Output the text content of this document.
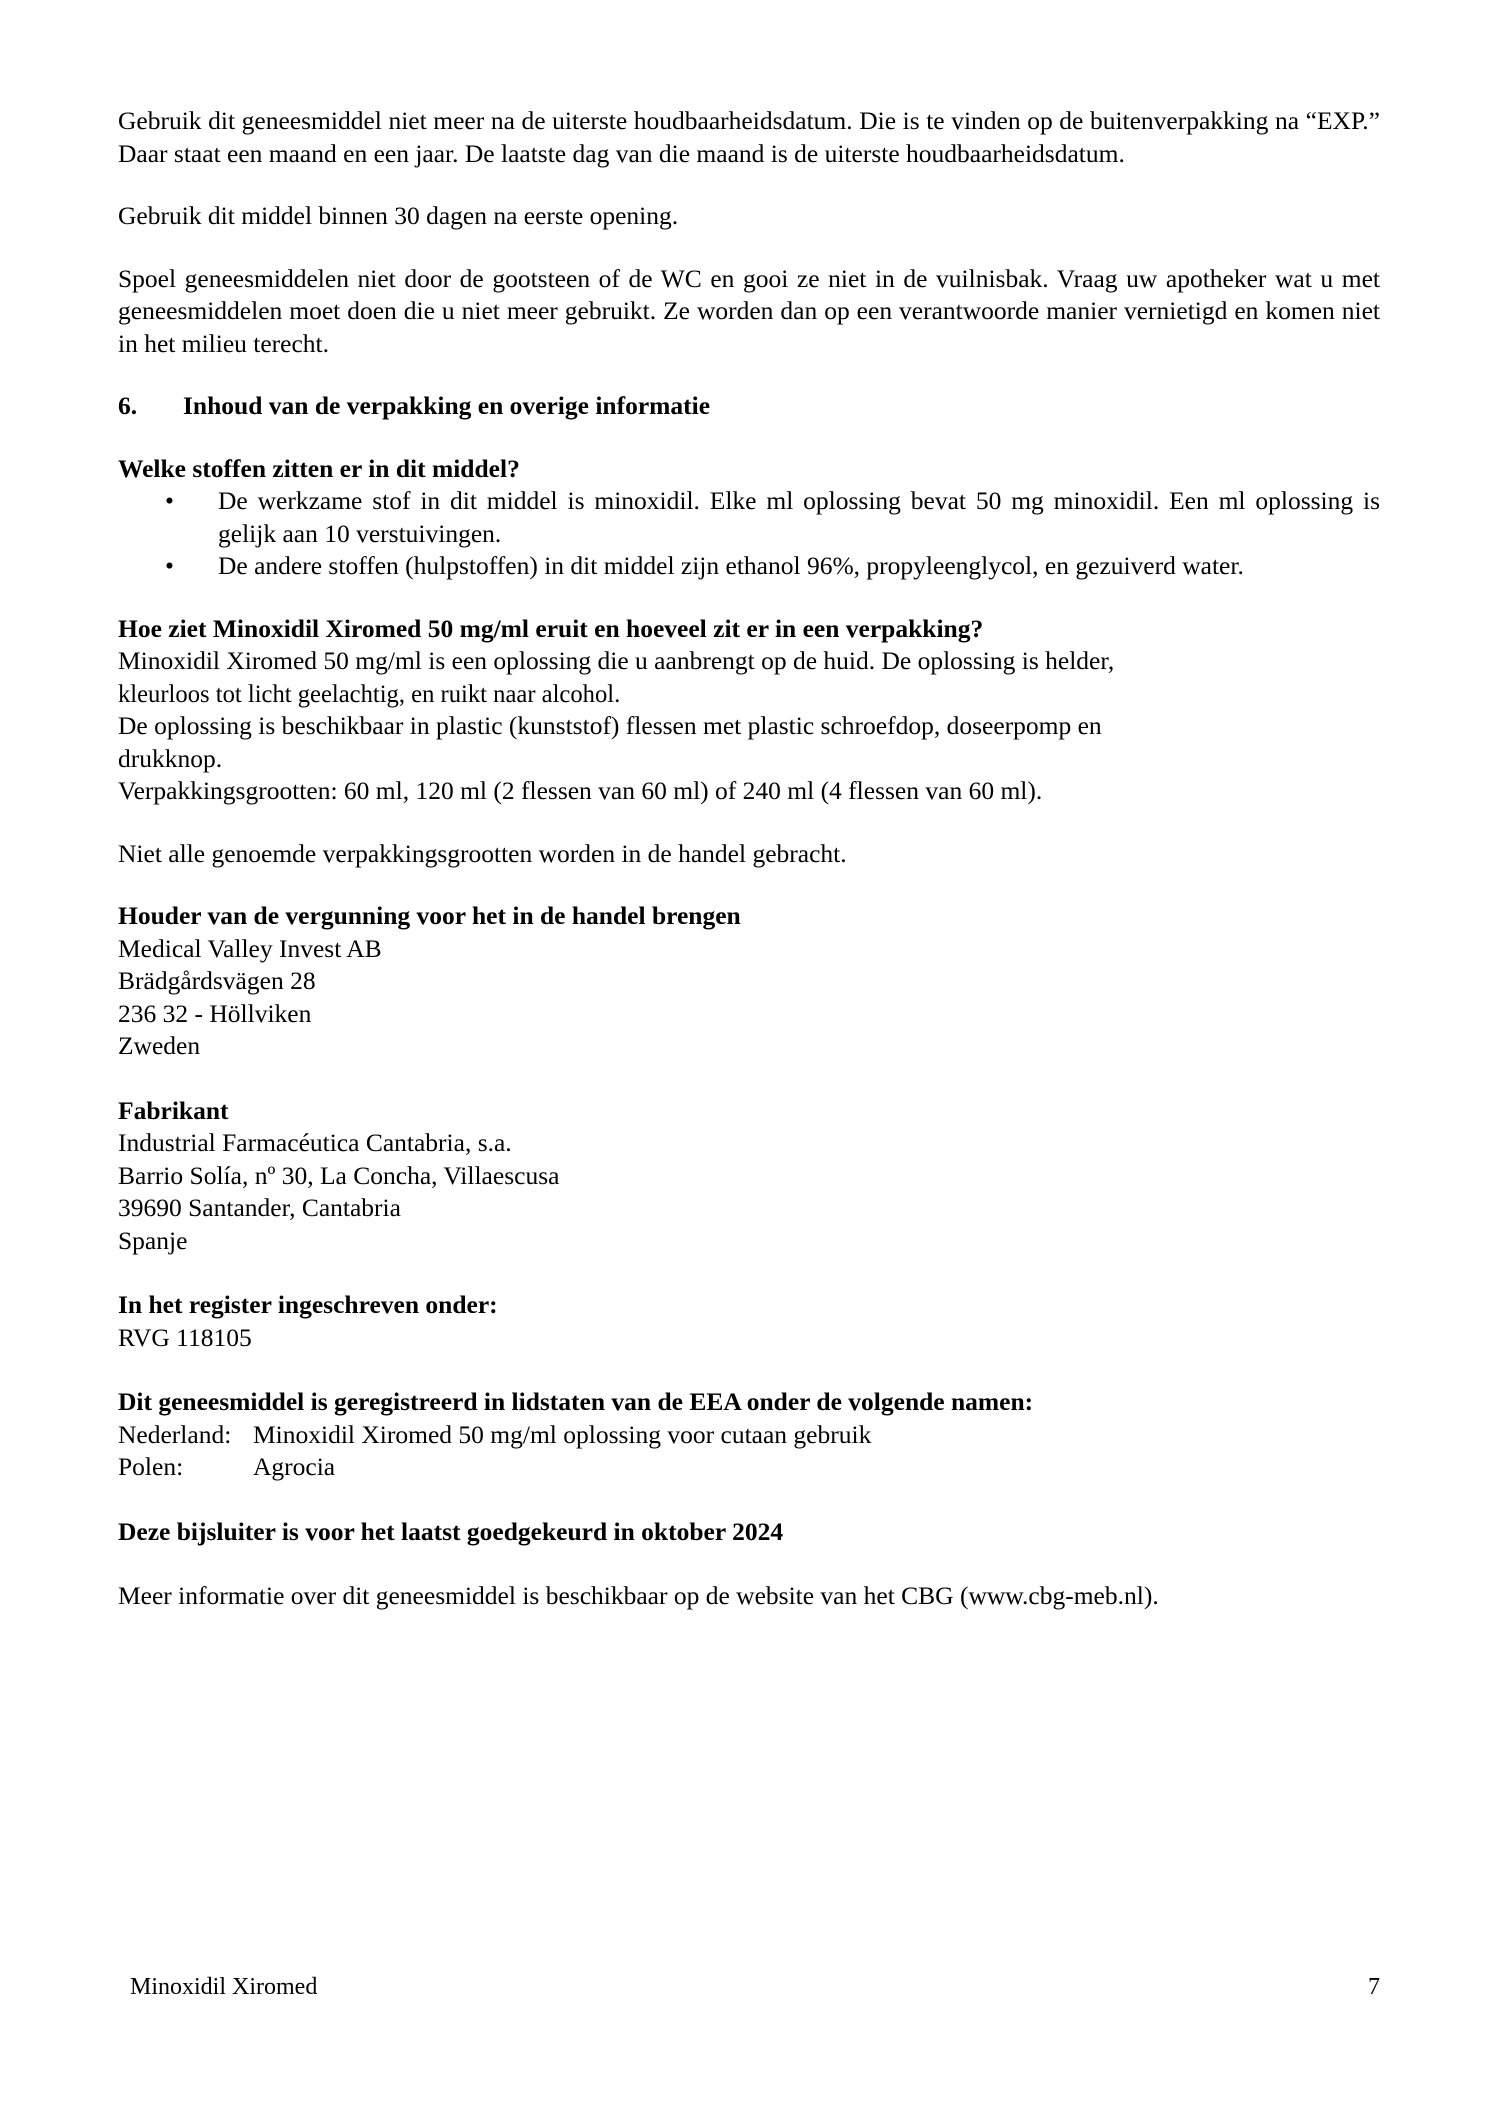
Gebruik dit geneesmiddel niet meer na de uiterste houdbaarheidsdatum. Die is te vinden op de buitenverpakking na “EXP.” Daar staat een maand en een jaar. De laatste dag van die maand is de uiterste houdbaarheidsdatum.

Gebruik dit middel binnen 30 dagen na eerste opening.

Spoel geneesmiddelen niet door de gootsteen of de WC en gooi ze niet in de vuilnisbak. Vraag uw apotheker wat u met geneesmiddelen moet doen die u niet meer gebruikt. Ze worden dan op een verantwoorde manier vernietigd en komen niet in het milieu terecht.

6.	Inhoud van de verpakking en overige informatie
Welke stoffen zitten er in dit middel?
• De werkzame stof in dit middel is minoxidil. Elke ml oplossing bevat 50 mg minoxidil. Een ml oplossing is gelijk aan 10 verstuivingen.
• De andere stoffen (hulpstoffen) in dit middel zijn ethanol 96%, propyleenglycol, en gezuiverd water.
Hoe ziet Minoxidil Xiromed 50 mg/ml eruit en hoeveel zit er in een verpakking?
Minoxidil Xiromed 50 mg/ml is een oplossing die u aanbrengt op de huid. De oplossing is helder,
kleurloos tot licht geelachtig, en ruikt naar alcohol.
De oplossing is beschikbaar in plastic (kunststof) flessen met plastic schroefdop, doseerpomp en
drukknop.
Verpakkingsgrootten: 60 ml, 120 ml (2 flessen van 60 ml) of 240 ml (4 flessen van 60 ml).
Niet alle genoemde verpakkingsgrootten worden in de handel gebracht.
Houder van de vergunning voor het in de handel brengen
Medical Valley Invest AB
Brädgårdsvägen 28
236 32 - Höllviken
Zweden
Fabrikant
Industrial Farmacéutica Cantabria, s.a.
Barrio Solía, nº 30, La Concha, Villaescusa
39690 Santander, Cantabria
Spanje
In het register ingeschreven onder:
RVG 118105
Dit geneesmiddel is geregistreerd in lidstaten van de EEA onder de volgende namen:
Nederland: Minoxidil Xiromed 50 mg/ml oplossing voor cutaan gebruik
Polen:	Agrocia
Deze bijsluiter is voor het laatst goedgekeurd in oktober 2024
Meer informatie over dit geneesmiddel is beschikbaar op de website van het CBG (www.cbg-meb.nl).
Minoxidil Xiromed	7
